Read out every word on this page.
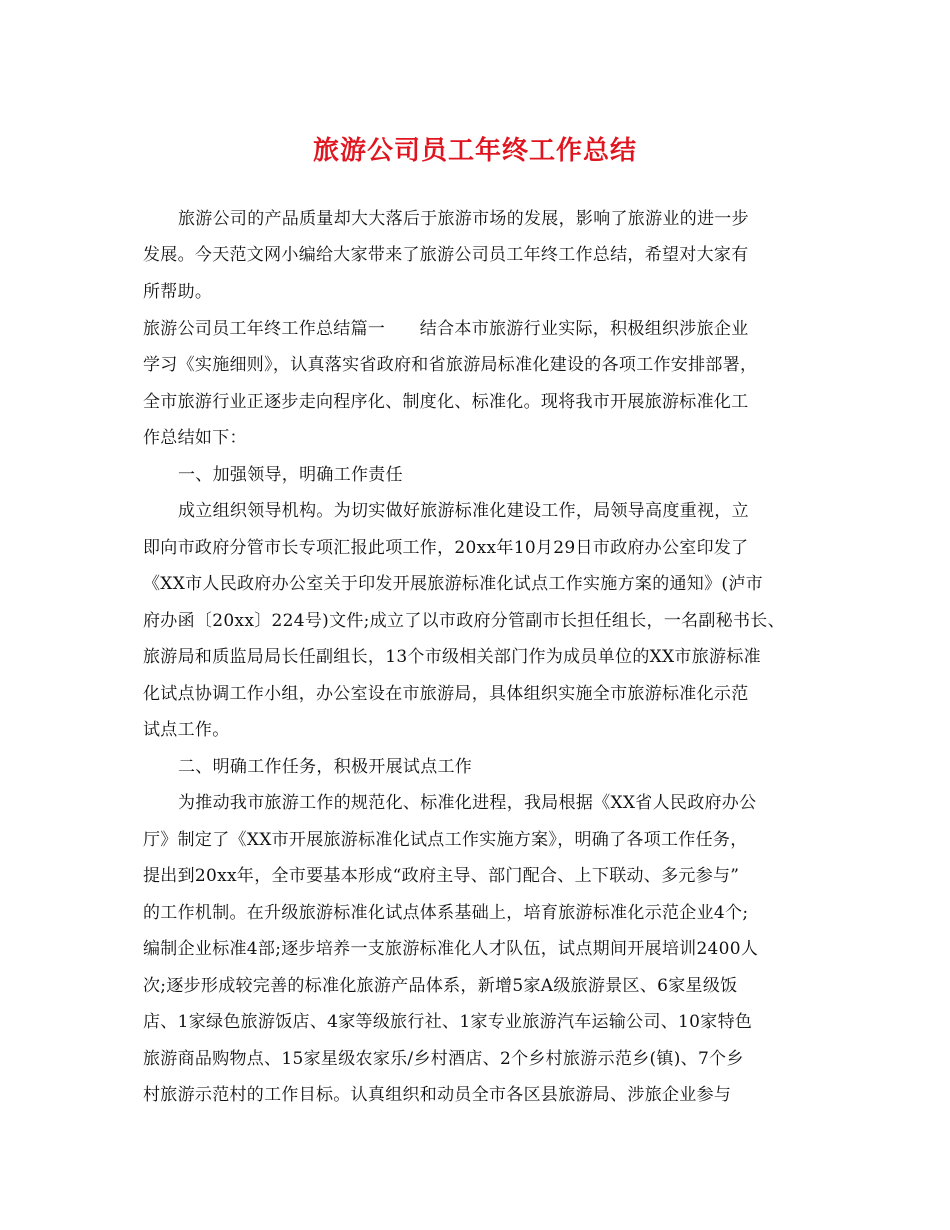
旅游公司员工年终工作总结
旅游公司的产品质量却大大落后于旅游市场的发展，影响了旅游业的进一步
发展。今天范文网小编给大家带来了旅游公司员工年终工作总结，希望对大家有
所帮助。
旅游公司员工年终工作总结篇一　　结合本市旅游行业实际，积极组织涉旅企业
学习《实施细则》，认真落实省政府和省旅游局标准化建设的各项工作安排部署，
全市旅游行业正逐步走向程序化、制度化、标准化。现将我市开展旅游标准化工
作总结如下：
一、加强领导，明确工作责任
成立组织领导机构。为切实做好旅游标准化建设工作，局领导高度重视，立
即向市政府分管市长专项汇报此项工作，20xx年10月29日市政府办公室印发了
《XX市人民政府办公室关于印发开展旅游标准化试点工作实施方案的通知》(泸市
府办函〔20xx〕224号)文件;成立了以市政府分管副市长担任组长，一名副秘书长、
旅游局和质监局局长任副组长，13个市级相关部门作为成员单位的XX市旅游标准
化试点协调工作小组，办公室设在市旅游局，具体组织实施全市旅游标准化示范
试点工作。
二、明确工作任务，积极开展试点工作
为推动我市旅游工作的规范化、标准化进程，我局根据《XX省人民政府办公
厅》制定了《XX市开展旅游标准化试点工作实施方案》，明确了各项工作任务，
提出到20xx年，全市要基本形成“政府主导、部门配合、上下联动、多元参与”
的工作机制。在升级旅游标准化试点体系基础上，培育旅游标准化示范企业4个;
编制企业标准4部;逐步培养一支旅游标准化人才队伍，试点期间开展培训2400人
次;逐步形成较完善的标准化旅游产品体系，新增5家A级旅游景区、6家星级饭
店、1家绿色旅游饭店、4家等级旅行社、1家专业旅游汽车运输公司、10家特色
旅游商品购物点、15家星级农家乐/乡村酒店、2个乡村旅游示范乡(镇)、7个乡
村旅游示范村的工作目标。认真组织和动员全市各区县旅游局、涉旅企业参与
